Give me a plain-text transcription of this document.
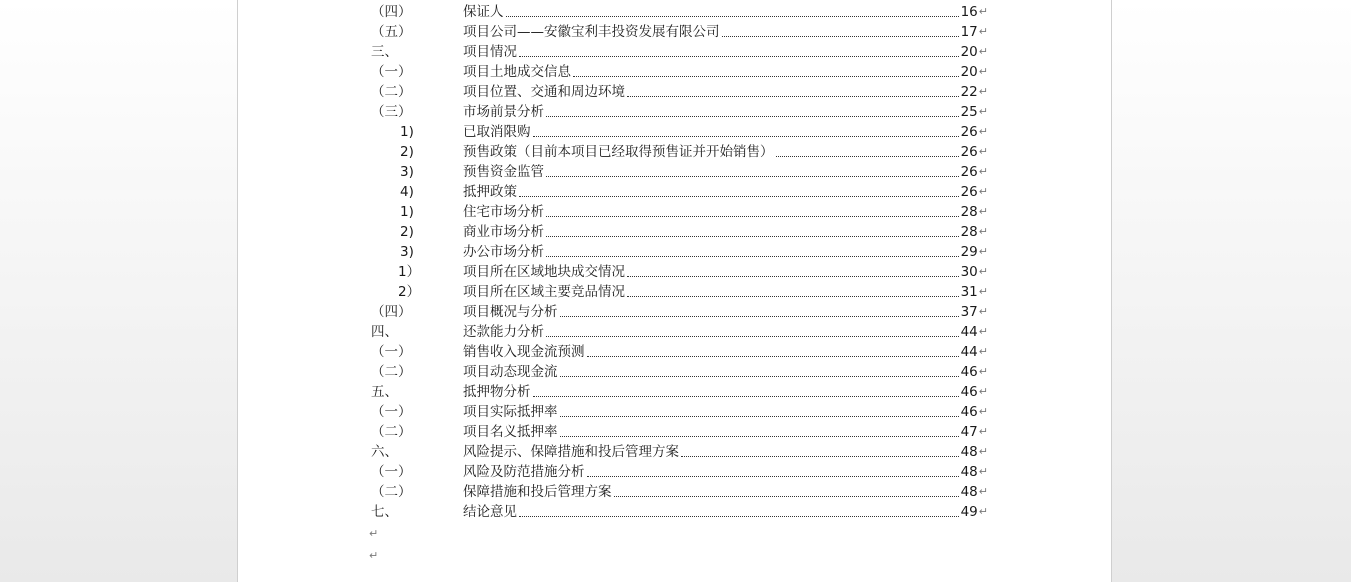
（四）	保证人	16 ↵
（五）	项目公司——安徽宝利丰投资发展有限公司	17 ↵
三、	项目情况	20 ↵
（一）	项目土地成交信息	20 ↵
（二）	项目位置、交通和周边环境	22 ↵
（三）	市场前景分析	25 ↵
1)	已取消限购	26 ↵
2)	预售政策（目前本项目已经取得预售证并开始销售）	26 ↵
3)	预售资金监管	26 ↵
4)	抵押政策	26 ↵
1)	住宅市场分析	28 ↵
2)	商业市场分析	28 ↵
3)	办公市场分析	29 ↵
1）	项目所在区域地块成交情况	30 ↵
2）	项目所在区域主要竞品情况	31 ↵
（四）	项目概况与分析	37 ↵
四、	还款能力分析	44 ↵
（一）	销售收入现金流预测	44 ↵
（二）	项目动态现金流	46 ↵
五、	抵押物分析	46 ↵
（一）	项目实际抵押率	46 ↵
（二）	项目名义抵押率	47 ↵
六、	风险提示、保障措施和投后管理方案	48 ↵
（一）	风险及防范措施分析	48 ↵
（二）	保障措施和投后管理方案	48 ↵
七、	结论意见	49 ↵
↵
↵
